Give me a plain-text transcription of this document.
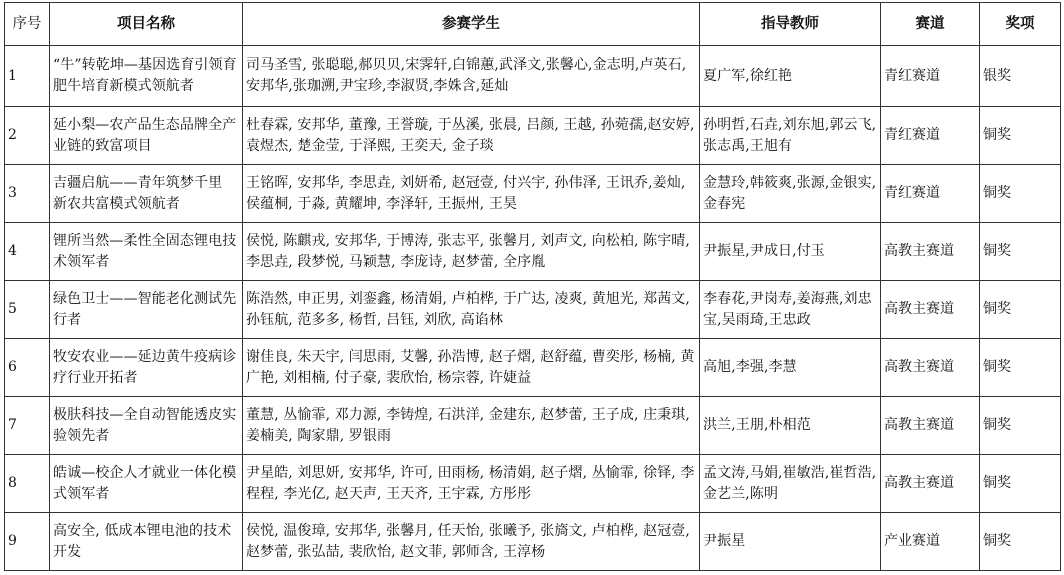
序号	项目名称	参赛学生	指导教师	赛道	奖项
1	“牛”转乾坤—基因选育引领育肥牛培育新模式领航者	司马圣雪, 张聪聪,郝贝贝,宋霁轩,白锦蕙,武泽文,张馨心,金志明,卢英石,安邦华,张珈溯,尹宝珍,李淑贤,李姝含,延灿	夏广军,徐红艳	青红赛道	银奖
2	延小梨—农产品生态品牌全产业链的致富项目	杜春霖, 安邦华, 董豫, 王誉璇, 于丛溪, 张晨, 吕颜, 王越, 孙菀孺,赵安婷, 袁煜杰, 楚金莹, 于泽熙, 王奕天, 金子琰	孙明哲,石垚,刘东旭,郭云飞,张志禹,王旭有	青红赛道	铜奖
3	吉疆启航——青年筑梦千里 新农共富模式领航者	王铭晖, 安邦华, 李思垚, 刘妍希, 赵冠壹, 付兴宇, 孙伟泽, 王讯乔,姜灿, 侯蕴桐, 于淼, 黄耀坤, 李泽轩, 王振州, 王昊	金慧玲,韩筱爽,张源,金银实,金春宪	青红赛道	铜奖
4	锂所当然—柔性全固态锂电技术领军者	侯悦, 陈麒戎, 安邦华, 于博涛, 张志平, 张馨月, 刘声文, 向松柏, 陈宇晴, 李思垚, 段梦悦, 马颖慧, 李庞诗, 赵梦蕾, 全序胤	尹振星,尹成日,付玉	高教主赛道	铜奖
5	绿色卫士——智能老化测试先行者	陈浩然, 申正男, 刘銮鑫, 杨清娟, 卢柏桦, 于广达, 凌爽, 黄旭光, 郑茜文, 孙钰航, 范多多, 杨哲, 吕钰, 刘欣, 高谄林	李春花,尹岗寿,姜海燕,刘忠宝,吴雨琦,王忠政	高教主赛道	铜奖
6	牧安农业——延边黄牛疫病诊疗行业开拓者	谢佳良, 朱天宇, 闫思雨, 艾馨, 孙浩博, 赵子熠, 赵舒蕴, 曹奕彤, 杨楠, 黄广艳, 刘相楠, 付子豪, 裴欣怡, 杨宗蓉, 许婕益	高旭,李强,李慧	高教主赛道	铜奖
7	极肤科技—全自动智能透皮实验领先者	董慧, 丛愉霏, 邓力源, 李铸煌, 石洪洋, 金建东, 赵梦蕾, 王子成, 庄秉琪, 姜楠美, 陶家鼎, 罗银雨	洪兰,王朋,朴相范	高教主赛道	铜奖
8	皓诚—校企人才就业一体化模式领军者	尹星皓, 刘思妍, 安邦华, 许可, 田雨杨, 杨清娟, 赵子熠, 丛愉霏, 徐铎, 李程程, 李光亿, 赵天声, 王天齐, 王宇霖, 方彤彤	孟文涛,马娟,崔敏浩,崔哲浩,金艺兰,陈明	高教主赛道	铜奖
9	高安全, 低成本锂电池的技术开发	侯悦, 温俊璋, 安邦华, 张馨月, 任天怡, 张曦予, 张旖文, 卢柏桦, 赵冠壹, 赵梦蕾, 张弘喆, 裴欣怡, 赵文菲, 郭师含, 王淳杨	尹振星	产业赛道	铜奖
